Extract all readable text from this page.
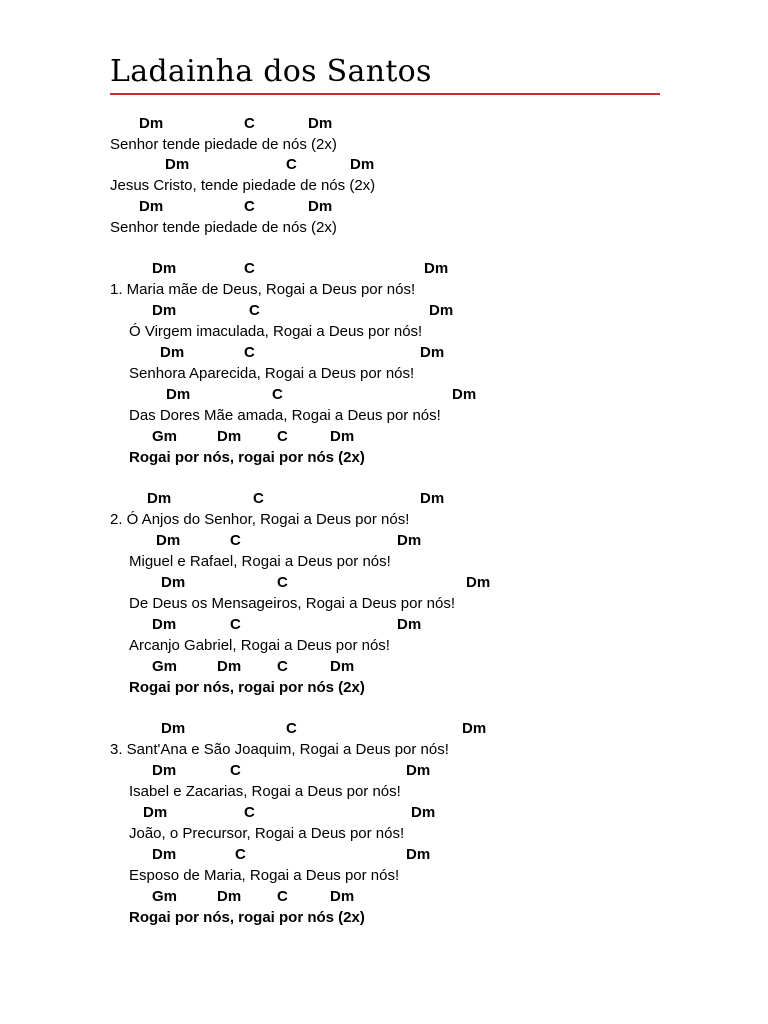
Ladainha dos Santos
Dm	C	Dm
Senhor tende piedade de nós (2x)
Dm	C	Dm
Jesus Cristo, tende piedade de nós (2x)
Dm	C	Dm
Senhor tende piedade de nós (2x)
Dm	C	Dm
1. Maria mãe de Deus, Rogai a Deus por nós!
Dm	C	Dm
Ó Virgem imaculada, Rogai a Deus por nós!
Dm	C	Dm
Senhora Aparecida, Rogai a Deus por nós!
Dm	C	Dm
Das Dores Mãe amada, Rogai a Deus por nós!
Gm	Dm C	Dm
Rogai por nós, rogai por nós (2x)
Dm	C	Dm
2. Ó Anjos do Senhor, Rogai a Deus por nós!
Dm	C	Dm
Miguel e Rafael, Rogai a Deus por nós!
Dm	C	Dm
De Deus os Mensageiros, Rogai a Deus por nós!
Dm	C	Dm
Arcanjo Gabriel, Rogai a Deus por nós!
Gm	Dm C	Dm
Rogai por nós, rogai por nós (2x)
Dm	C	Dm
3. Sant'Ana e São Joaquim, Rogai a Deus por nós!
Dm	C	Dm
Isabel e Zacarias, Rogai a Deus por nós!
Dm	C	Dm
João, o Precursor, Rogai a Deus por nós!
Dm	C	Dm
Esposo de Maria, Rogai a Deus por nós!
Gm	Dm C	Dm
Rogai por nós, rogai por nós (2x)
